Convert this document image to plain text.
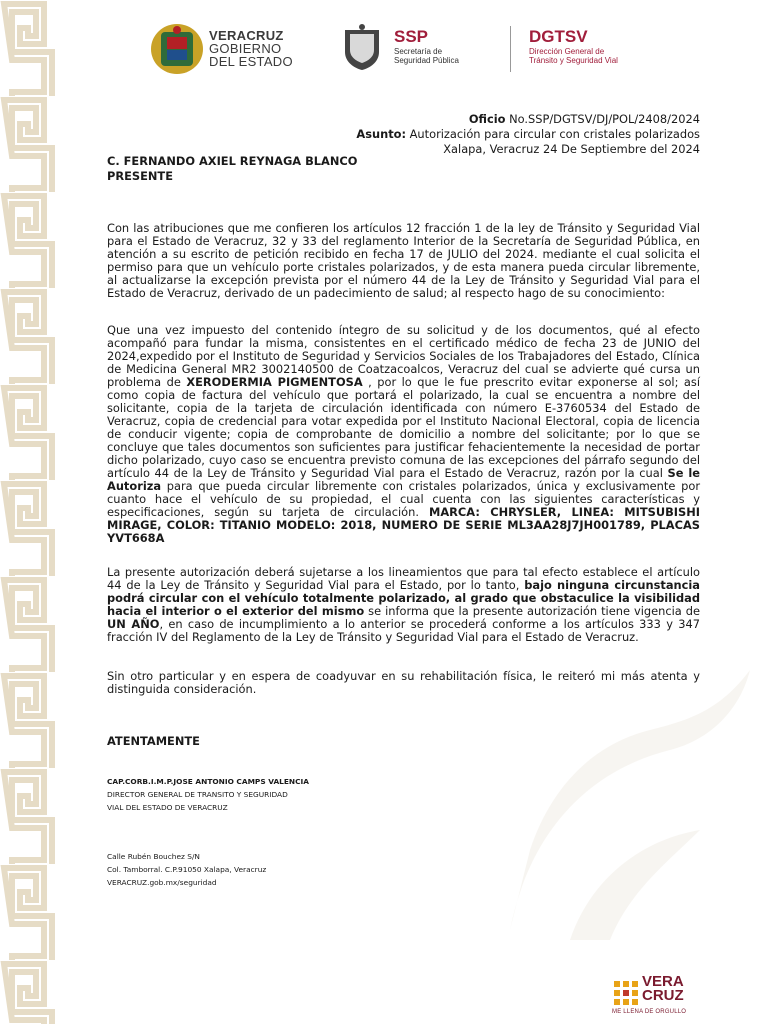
VERACRUZ
GOBIERNO
DEL ESTADO
SSP
Secretaría de
Seguridad Pública
DGTSV
Dirección General de
Tránsito y Seguridad Vial
Oficio No.SSP/DGTSV/DJ/POL/2408/2024
Asunto: Autorización para circular con cristales polarizados
Xalapa, Veracruz 24 De Septiembre del 2024
C. FERNANDO AXIEL REYNAGA BLANCO
PRESENTE
Con las atribuciones que me confieren los artículos 12 fracción 1 de la ley de Tránsito y Seguridad Vial para el Estado de Veracruz, 32 y 33 del reglamento Interior de la Secretaría de Seguridad Pública, en atención a su escrito de petición recibido en fecha 17 de JULIO del 2024. mediante el cual solicita el permiso para que un vehículo porte cristales polarizados, y de esta manera pueda circular libremente, al actualizarse la excepción prevista por el número 44 de la Ley de Tránsito y Seguridad Vial para el Estado de Veracruz, derivado de un padecimiento de salud; al respecto hago de su conocimiento:
Que una vez impuesto del contenido íntegro de su solicitud y de los documentos, qué al efecto acompañó para fundar la misma, consistentes en el certificado médico de fecha 23 de JUNIO del 2024,expedido por el Instituto de Seguridad y Servicios Sociales de los Trabajadores del Estado, Clínica de Medicina General MR2 3002140500 de Coatzacoalcos, Veracruz del cual se advierte qué cursa un problema de XERODERMIA PIGMENTOSA , por lo que le fue prescrito evitar exponerse al sol; así como copia de factura del vehículo que portará el polarizado, la cual se encuentra a nombre del solicitante, copia de la tarjeta de circulación identificada con número E-3760534 del Estado de Veracruz, copia de credencial para votar expedida por el Instituto Nacional Electoral, copia de licencia de conducir vigente; copia de comprobante de domicilio a nombre del solicitante; por lo que se concluye que tales documentos son suficientes para justificar fehacientemente la necesidad de portar dicho polarizado, cuyo caso se encuentra previsto comuna de las excepciones del párrafo segundo del artículo 44 de la Ley de Tránsito y Seguridad Vial para el Estado de Veracruz, razón por la cual Se le Autoriza para que pueda circular libremente con cristales polarizados, única y exclusivamente por cuanto hace el vehículo de su propiedad, el cual cuenta con las siguientes características y especificaciones, según su tarjeta de circulación. MARCA: CHRYSLER, LINEA: MITSUBISHI MIRAGE, COLOR: TITANIO MODELO: 2018, NUMERO DE SERIE ML3AA28J7JH001789, PLACAS YVT668A
La presente autorización deberá sujetarse a los lineamientos que para tal efecto establece el artículo 44 de la Ley de Tránsito y Seguridad Vial para el Estado, por lo tanto, bajo ninguna circunstancia podrá circular con el vehículo totalmente polarizado, al grado que obstaculice la visibilidad hacia el interior o el exterior del mismo se informa que la presente autorización tiene vigencia de UN AÑO, en caso de incumplimiento a lo anterior se procederá conforme a los artículos 333 y 347 fracción IV del Reglamento de la Ley de Tránsito y Seguridad Vial para el Estado de Veracruz.
Sin otro particular y en espera de coadyuvar en su rehabilitación física, le reiteró mi más atenta y distinguida consideración.
ATENTAMENTE
CAP.CORB.I.M.P.JOSE ANTONIO CAMPS VALENCIA
DIRECTOR GENERAL DE TRANSITO Y SEGURIDAD
VIAL DEL ESTADO DE VERACRUZ
Calle Rubén Bouchez S/N
Col. Tamborral. C.P.91050 Xalapa, Veracruz
VERACRUZ.gob.mx/seguridad
VERA
CRUZ
ME LLENA DE ORGULLO
